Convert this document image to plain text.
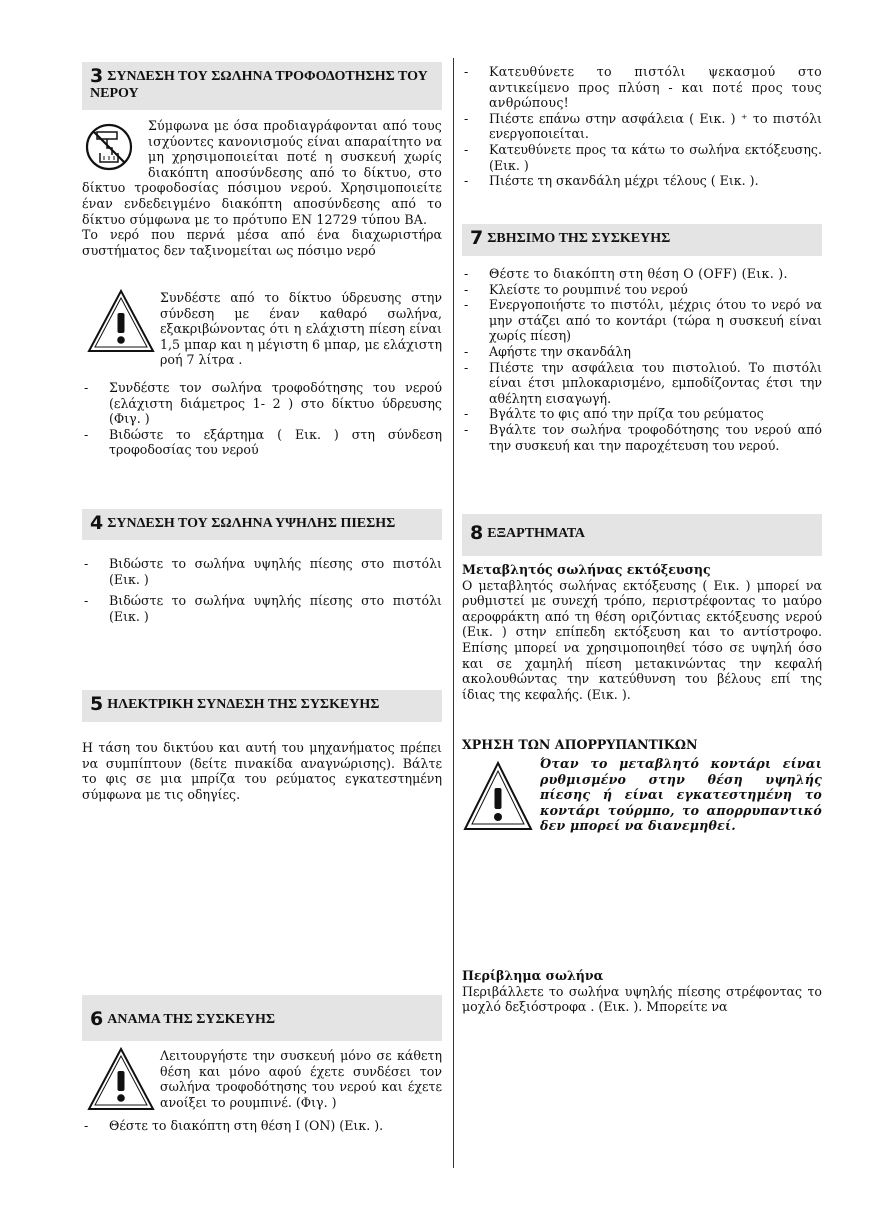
3 ΣΥΝΔΕΣΗ ΤΟΥ ΣΩΛΗΝΑ ΤΡΟΦΟΔΟΤΗΣΗΣ ΤΟΥ ΝΕΡΟΥ

Σύμφωνα με όσα προδιαγράφονται από τους ισχύοντες κανονισμούς είναι απαραίτητο να μη χρησιμοποιείται ποτέ η συσκευή χωρίς διακόπτη αποσύνδεσης από το δίκτυο, στο δίκτυο τροφοδοσίας πόσιμου νερού. Χρησιμοποιείτε έναν ενδεδειγμένο διακόπτη αποσύνδεσης από το δίκτυο σύμφωνα με το πρότυπο EN 12729 τύπου BA.

Το νερό που περνά μέσα από ένα διαχωριστήρα συστήματος δεν ταξινομείται ως πόσιμο νερό

Συνδέστε από το δίκτυο ύδρευσης στην σύνδεση με έναν καθαρό σωλήνα, εξακριβώνοντας ότι η ελάχιστη πίεση είναι 1,5 μπαρ και η μέγιστη 6 μπαρ, με ελάχιστη ροή 7 λίτρα .

- Συνδέστε τον σωλήνα τροφοδότησης του νερού (ελάχιστη διάμετρος 1- 2 ) στο δίκτυο ύδρευσης (Φιγ. )
- Βιδώστε το εξάρτημα ( Εικ. ) στη σύνδεση τροφοδοσίας του νερού
4 ΣΥΝΔΕΣΗ ΤΟΥ ΣΩΛΗΝΑ ΥΨΗΛΗΣ ΠΙΕΣΗΣ
- Βιδώστε το σωλήνα υψηλής πίεσης στο πιστόλι (Εικ. )
- Βιδώστε το σωλήνα υψηλής πίεσης στο πιστόλι (Εικ. )
5 ΗΛΕΚΤΡΙΚΗ ΣΥΝΔΕΣΗ ΤΗΣ ΣΥΣΚΕΥΗΣ

Η τάση του δικτύου και αυτή του μηχανήματος πρέπει να συμπίπτουν (δείτε πινακίδα αναγνώρισης). Βάλτε το φις σε μια μπρίζα του ρεύματος εγκατεστημένη σύμφωνα με τις οδηγίες.

6 ΑΝΑΜΑ ΤΗΣ ΣΥΣΚΕΥΗΣ

Λειτουργήστε την συσκευή μόνο σε κάθετη θέση και μόνο αφού έχετε συνδέσει τον σωλήνα τροφοδότησης του νερού και έχετε ανοίξει το ρουμπινέ. (Φιγ. )

- Θέστε το διακόπτη στη θέση I (ON) (Εικ. ).
- Κατευθύνετε το πιστόλι ψεκασμού στο αντικείμενο προς πλύση - και ποτέ προς τους ανθρώπους!
- Πιέστε επάνω στην ασφάλεια ( Εικ. ) ⁺ το πιστόλι ενεργοποιείται.
- Κατευθύνετε προς τα κάτω το σωλήνα εκτόξευσης. (Εικ. )
- Πιέστε τη σκανδάλη μέχρι τέλους ( Εικ. ).
7 ΣΒΗΣΙΜΟ ΤΗΣ ΣΥΣΚΕΥΗΣ
- Θέστε το διακόπτη στη θέση O (OFF) (Εικ. ).
- Κλείστε το ρουμπινέ του νερού
- Ενεργοποιήστε το πιστόλι, μέχρις ότου το νερό να μην στάζει από το κοντάρι (τώρα η συσκευή είναι χωρίς πίεση)
- Αφήστε την σκανδάλη
- Πιέστε την ασφάλεια του πιστολιού. Το πιστόλι είναι έτσι μπλοκαρισμένο, εμποδίζοντας έτσι την αθέλητη εισαγωγή.
- Βγάλτε το φις από την πρίζα του ρεύματος
- Βγάλτε τον σωλήνα τροφοδότησης του νερού από την συσκευή και την παροχέτευση του νερού.
8 ΕΞΑΡΤΗΜΑΤΑ

Μεταβλητός σωλήνας εκτόξευσης

Ο μεταβλητός σωλήνας εκτόξευσης ( Εικ. ) μπορεί να ρυθμιστεί με συνεχή τρόπο, περιστρέφοντας το μαύρο αεροφράκτη από τη θέση οριζόντιας εκτόξευσης νερού (Εικ. ) στην επίπεδη εκτόξευση και το αντίστροφο. Επίσης μπορεί να χρησιμοποιηθεί τόσο σε υψηλή όσο και σε χαμηλή πίεση μετακινώντας την κεφαλή ακολουθώντας την κατεύθυνση του βέλους επί της ίδιας της κεφαλής. (Εικ. ).

ΧΡΗΣΗ ΤΩΝ ΑΠΟΡΡΥΠΑΝΤΙΚΩΝ

Όταν το μεταβλητό κοντάρι είναι ρυθμισμένο στην θέση υψηλής πίεσης ή είναι εγκατεστημένη το κοντάρι τούρμπο, το απορρυπαντικό δεν μπορεί να διανεμηθεί.

Περίβλημα σωλήνα

Περιβάλλετε το σωλήνα υψηλής πίεσης στρέφοντας το μοχλό δεξιόστροφα . (Εικ. ). Μπορείτε να
